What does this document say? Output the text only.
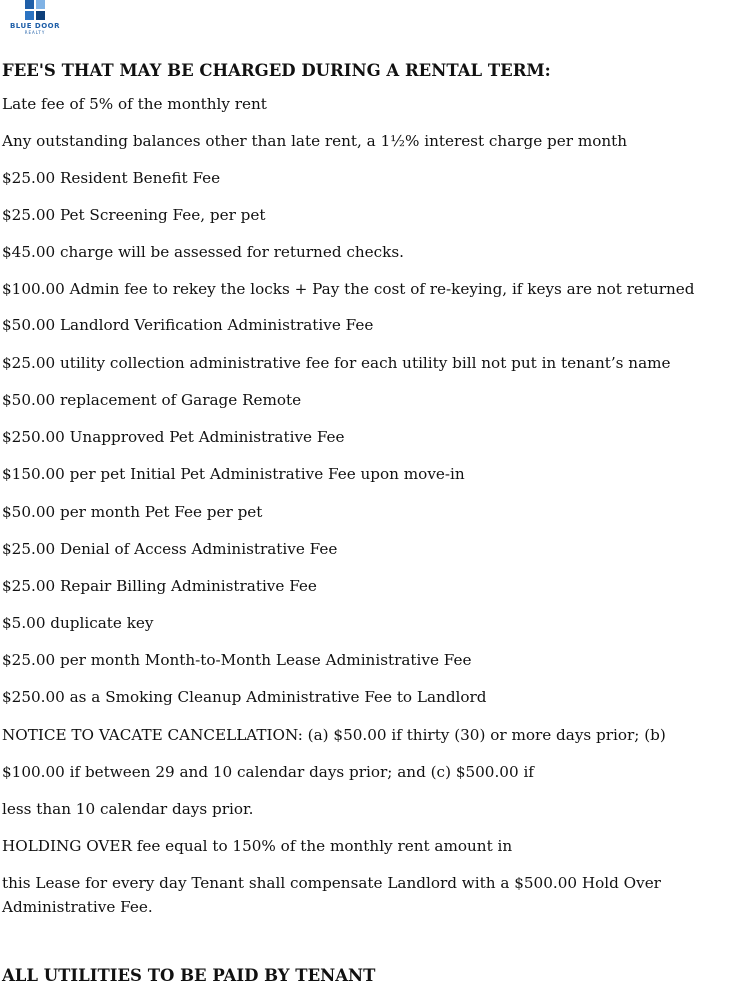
BLUE DOOR
REALTY
FEE'S THAT MAY BE CHARGED DURING A RENTAL TERM:
Late fee of 5% of the monthly rent
Any outstanding balances other than late rent, a 1½% interest charge per month
$25.00 Resident Benefit Fee
$25.00 Pet Screening Fee, per pet
$45.00 charge will be assessed for returned checks.
$100.00 Admin fee to rekey the locks + Pay the cost of re-keying, if keys are not returned
$50.00 Landlord Verification Administrative Fee
$25.00 utility collection administrative fee for each utility bill not put in tenant’s name
$50.00 replacement of Garage Remote
$250.00 Unapproved Pet Administrative Fee
$150.00 per pet Initial Pet Administrative Fee upon move-in
$50.00 per month Pet Fee per pet
$25.00 Denial of Access Administrative Fee
$25.00 Repair Billing Administrative Fee
$5.00 duplicate key
$25.00 per month Month-to-Month Lease Administrative Fee
$250.00 as a Smoking Cleanup Administrative Fee to Landlord
NOTICE TO VACATE CANCELLATION: (a) $50.00 if thirty (30) or more days prior; (b)
$100.00 if between 29 and 10 calendar days prior; and (c) $500.00 if
less than 10 calendar days prior.
HOLDING OVER fee equal to 150% of the monthly rent amount in
this Lease for every day Tenant shall compensate Landlord with a $500.00 Hold Over Administrative Fee.
ALL UTILITIES TO BE PAID BY TENANT
